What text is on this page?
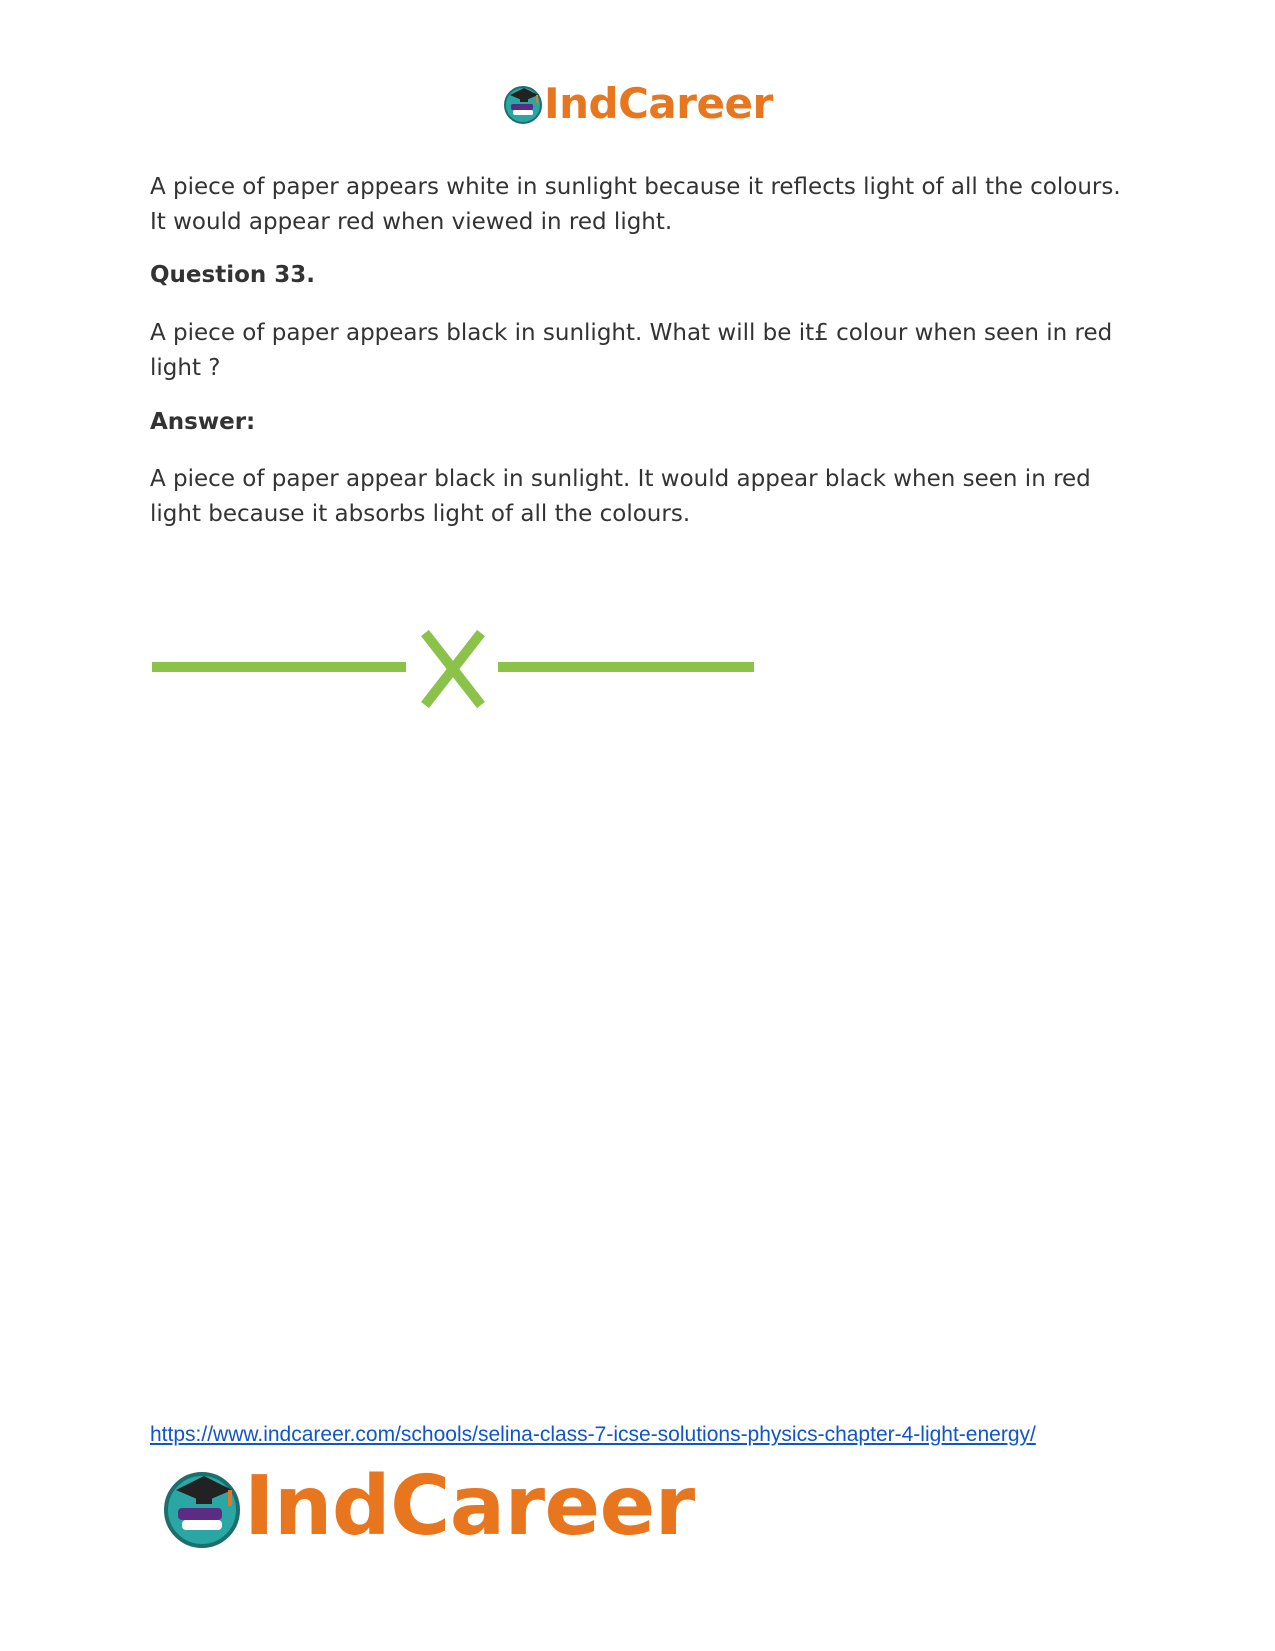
IndCareer

A piece of paper appears white in sunlight because it reflects light of all the colours. It would appear red when viewed in red light.

Question 33.

A piece of paper appears black in sunlight. What will be it£ colour when seen in red light ?

Answer:

A piece of paper appear black in sunlight. It would appear black when seen in red light because it absorbs light of all the colours.

https://www.indcareer.com/schools/selina-class-7-icse-solutions-physics-chapter-4-light-energy/
IndCareer
